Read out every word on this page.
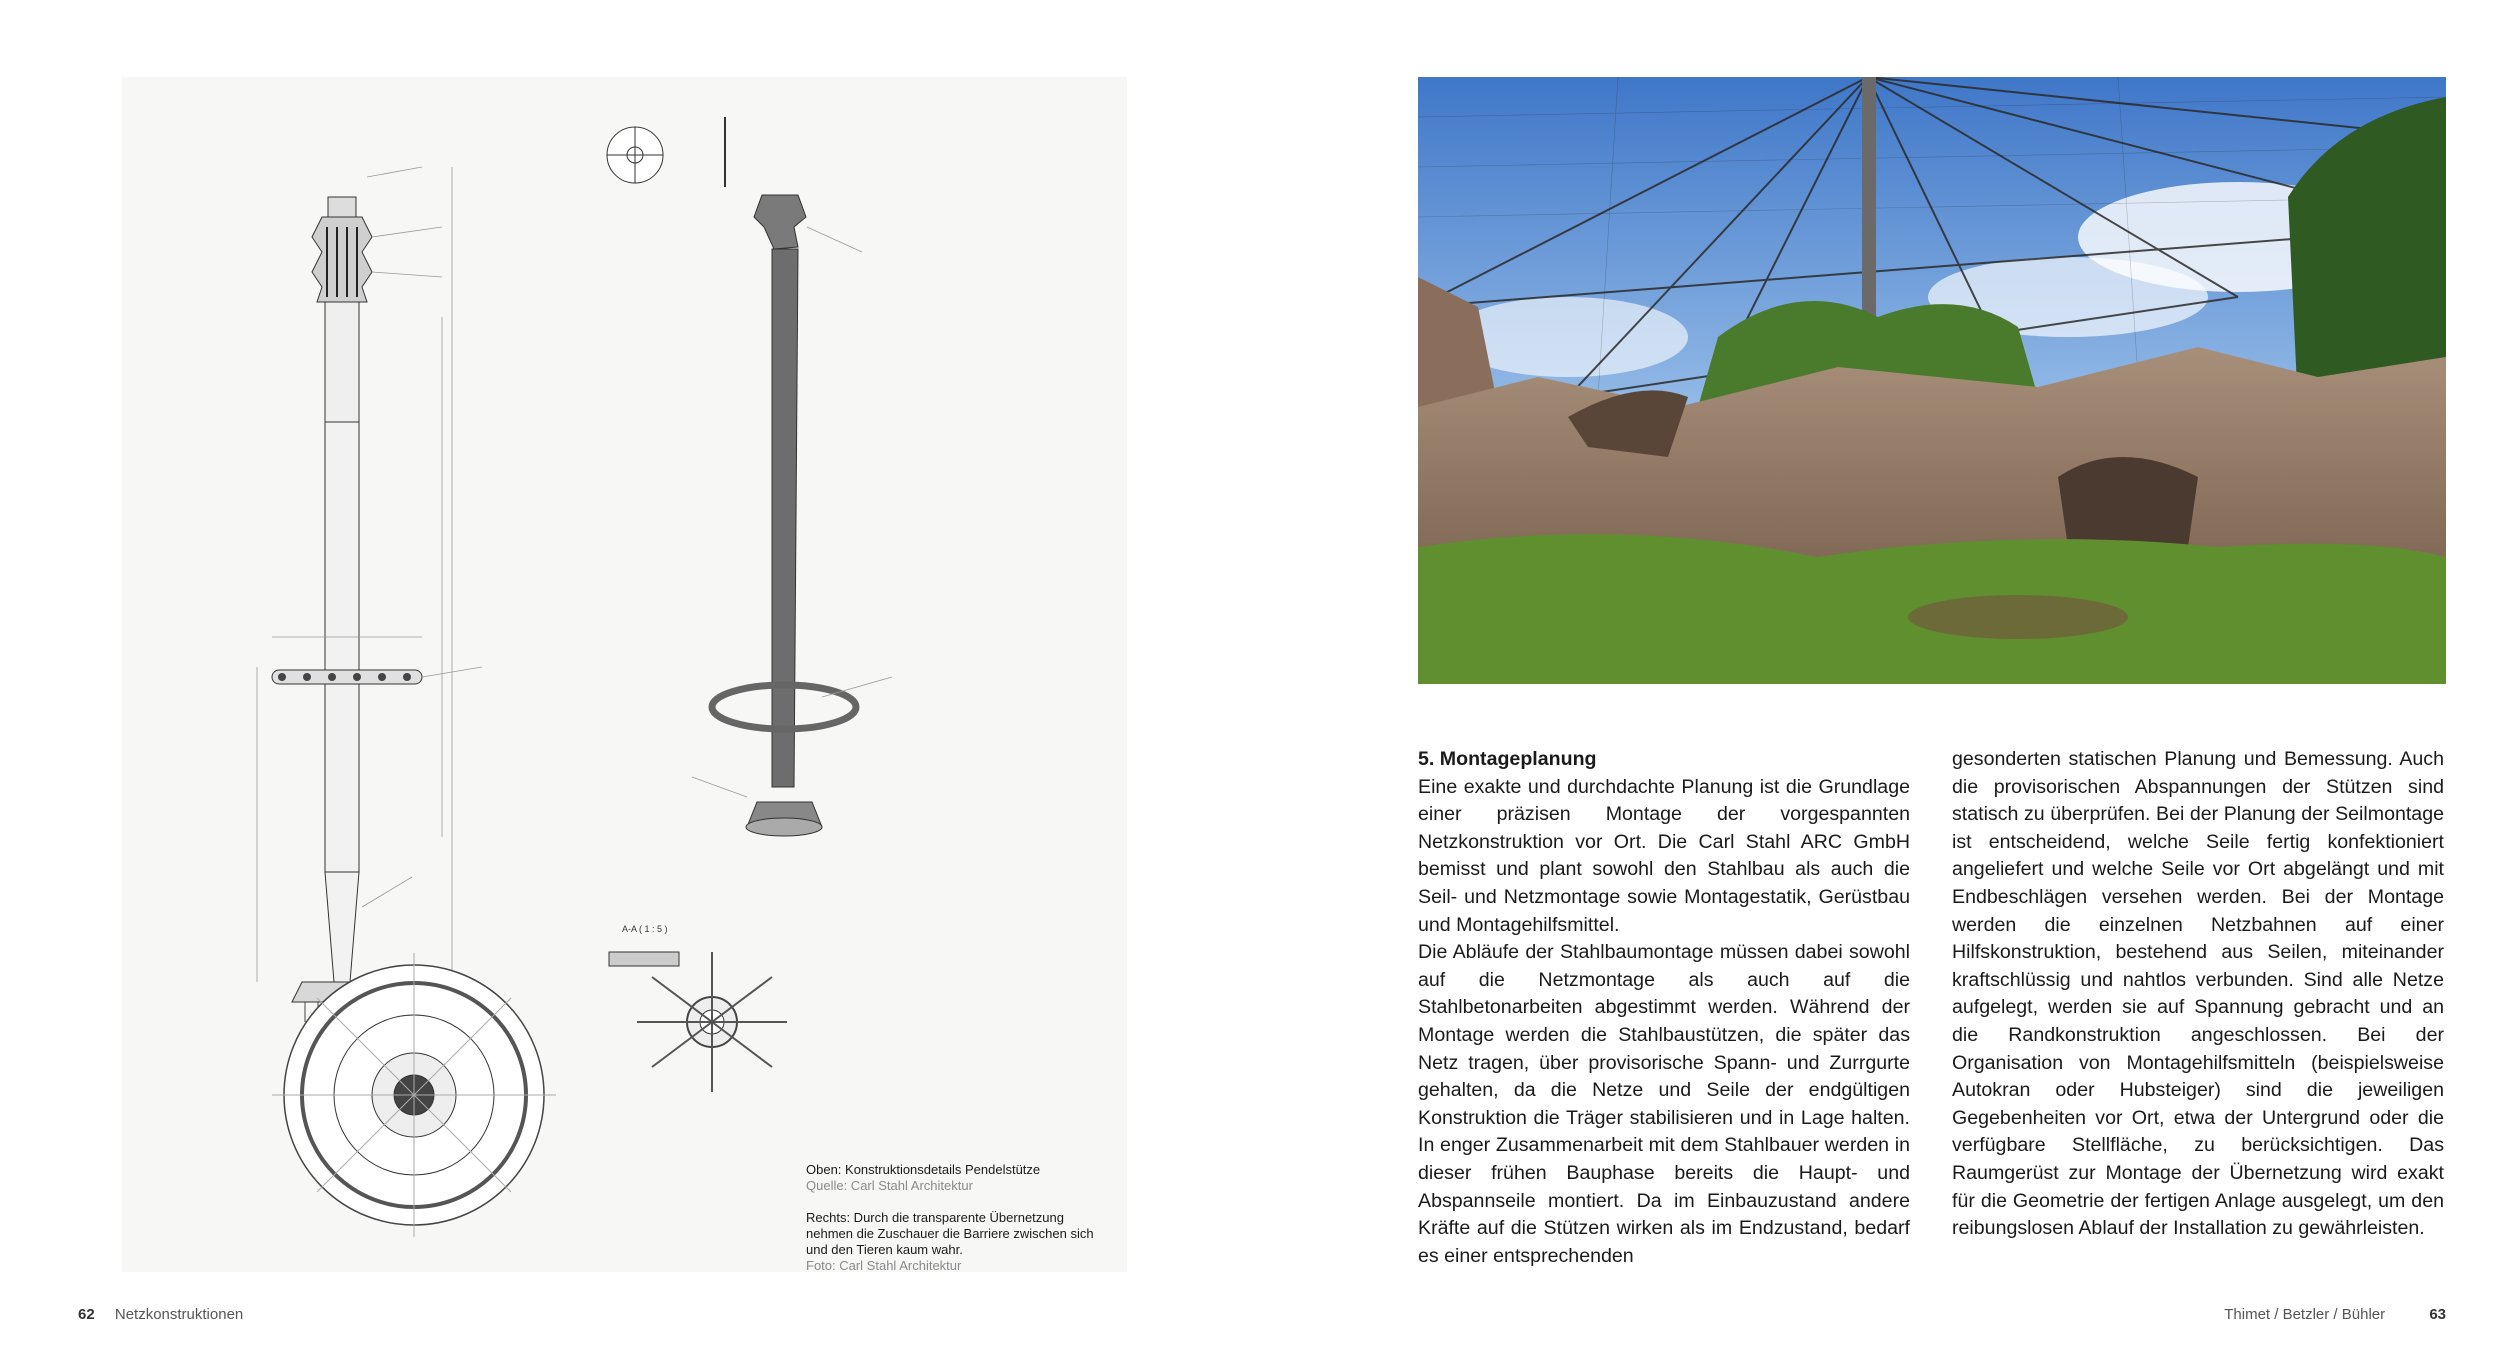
A-A ( 1 : 5 )

Oben: Konstruktionsdetails Pendelstütze

Quelle: Carl Stahl Architektur

Rechts: Durch die transparente Übernetzung nehmen die Zuschauer die Barriere zwischen sich und den Tieren kaum wahr.

Foto: Carl Stahl Architektur

5. Montageplanung

Eine exakte und durchdachte Planung ist die Grundlage einer präzisen Montage der vorgespannten Netzkonstruktion vor Ort. Die Carl Stahl ARC GmbH bemisst und plant sowohl den Stahlbau als auch die Seil- und Netzmontage sowie Montagestatik, Gerüstbau und Montagehilfsmittel.

Die Abläufe der Stahlbaumontage müssen dabei sowohl auf die Netzmontage als auch auf die Stahlbetonarbeiten abgestimmt werden. Während der Montage werden die Stahlbaustützen, die später das Netz tragen, über provisorische Spann- und Zurrgurte gehalten, da die Netze und Seile der endgültigen Konstruktion die Träger stabilisieren und in Lage halten. In enger Zusammenarbeit mit dem Stahlbauer werden in dieser frühen Bauphase bereits die Haupt- und Abspannseile montiert. Da im Einbauzustand andere Kräfte auf die Stützen wirken als im Endzustand, bedarf es einer entsprechenden

gesonderten statischen Planung und Bemessung. Auch die provisorischen Abspannungen der Stützen sind statisch zu überprüfen. Bei der Planung der Seilmontage ist entscheidend, welche Seile fertig konfektioniert angeliefert und welche Seile vor Ort abgelängt und mit Endbeschlägen versehen werden. Bei der Montage werden die einzelnen Netzbahnen auf einer Hilfskonstruktion, bestehend aus Seilen, miteinander kraftschlüssig und nahtlos verbunden. Sind alle Netze aufgelegt, werden sie auf Spannung gebracht und an die Randkonstruktion angeschlossen. Bei der Organisation von Montagehilfsmitteln (beispielsweise Autokran oder Hubsteiger) sind die jeweiligen Gegebenheiten vor Ort, etwa der Untergrund oder die verfügbare Stellfläche, zu berücksichtigen. Das Raumgerüst zur Montage der Übernetzung wird exakt für die Geometrie der fertigen Anlage ausgelegt, um den reibungslosen Ablauf der Installation zu gewährleisten.

62 Netzkonstruktionen	Thimet / Betzler / Bühler	63
